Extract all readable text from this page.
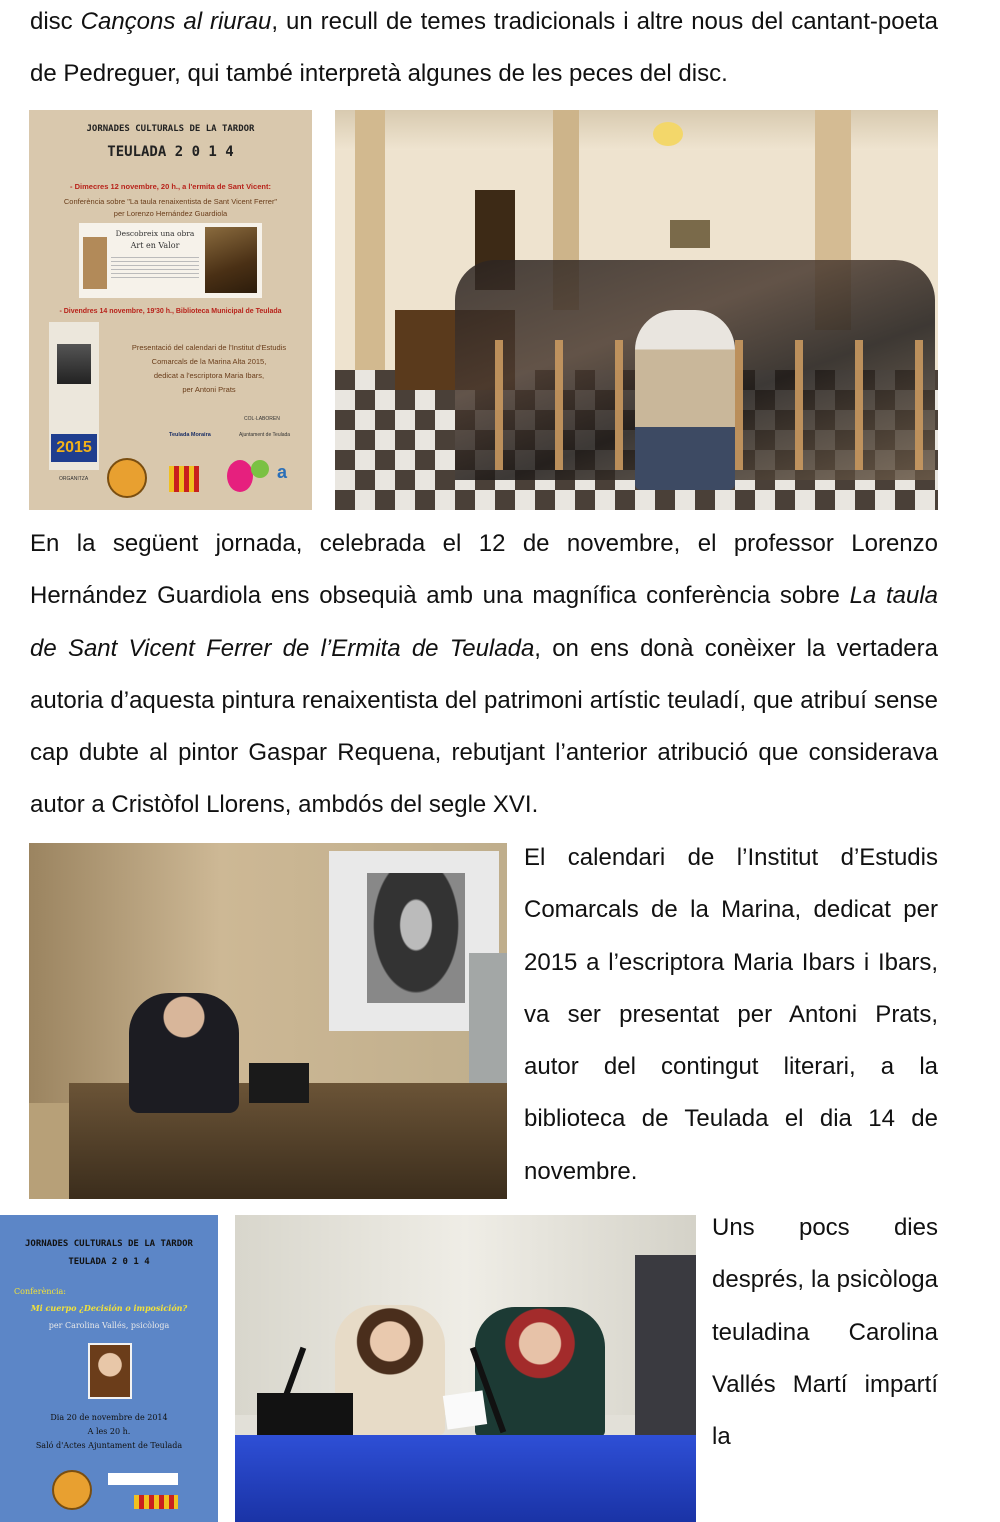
disc Cançons al riurau, un recull de temes tradicionals i altre nous del cantant-poeta de Pedreguer, qui també interpretà algunes de les peces del disc.

JORNADES CULTURALS DE LA TARDOR
TEULADA 2 0 1 4
- Dimecres 12 novembre, 20 h., a l'ermita de Sant Vicent:
Conferència sobre "La taula renaixentista de Sant Vicent Ferrer"
per Lorenzo Hernández Guardiola
Descobreix una obra
Art en Valor
- Divendres 14 novembre, 19'30 h., Biblioteca Municipal de Teulada
2015
Presentació del calendari de l'Institut d'Estudis
Comarcals de la Marina Alta 2015,
dedicat a l'escriptora Maria Ibars,
per Antoni Prats
COL·LABOREN
Teulada Moraira	Ajuntament de Teulada
a
ORGANITZA

En la següent jornada, celebrada el 12 de novembre, el professor Lorenzo Hernández Guardiola ens obsequià amb una magnífica conferència sobre La taula de Sant Vicent Ferrer de l’Ermita de Teulada, on ens donà conèixer la vertadera autoria d’aquesta pintura renaixentista del patrimoni artístic teuladí, que atribuí sense cap dubte al pintor Gaspar Requena, rebutjant l’anterior atribució que considerava autor a Cristòfol Llorens, ambdós del segle XVI.

El calendari de l’Institut d’Estudis Comarcals de la Marina, dedicat per 2015 a l’escriptora Maria Ibars i Ibars, va ser presentat per Antoni Prats, autor del contingut literari, a la biblioteca de Teulada el dia 14 de novembre.

JORNADES CULTURALS DE LA TARDOR
TEULADA 2 0 1 4
Conferència:
Mi cuerpo ¿Decisión o imposición?
per Carolina Vallés, psicòloga
Dia 20 de novembre de 2014
A les 20 h.
Saló d'Actes Ajuntament de Teulada

Uns pocs dies després, la psicòloga teuladina Carolina Vallés Martí impartí la
